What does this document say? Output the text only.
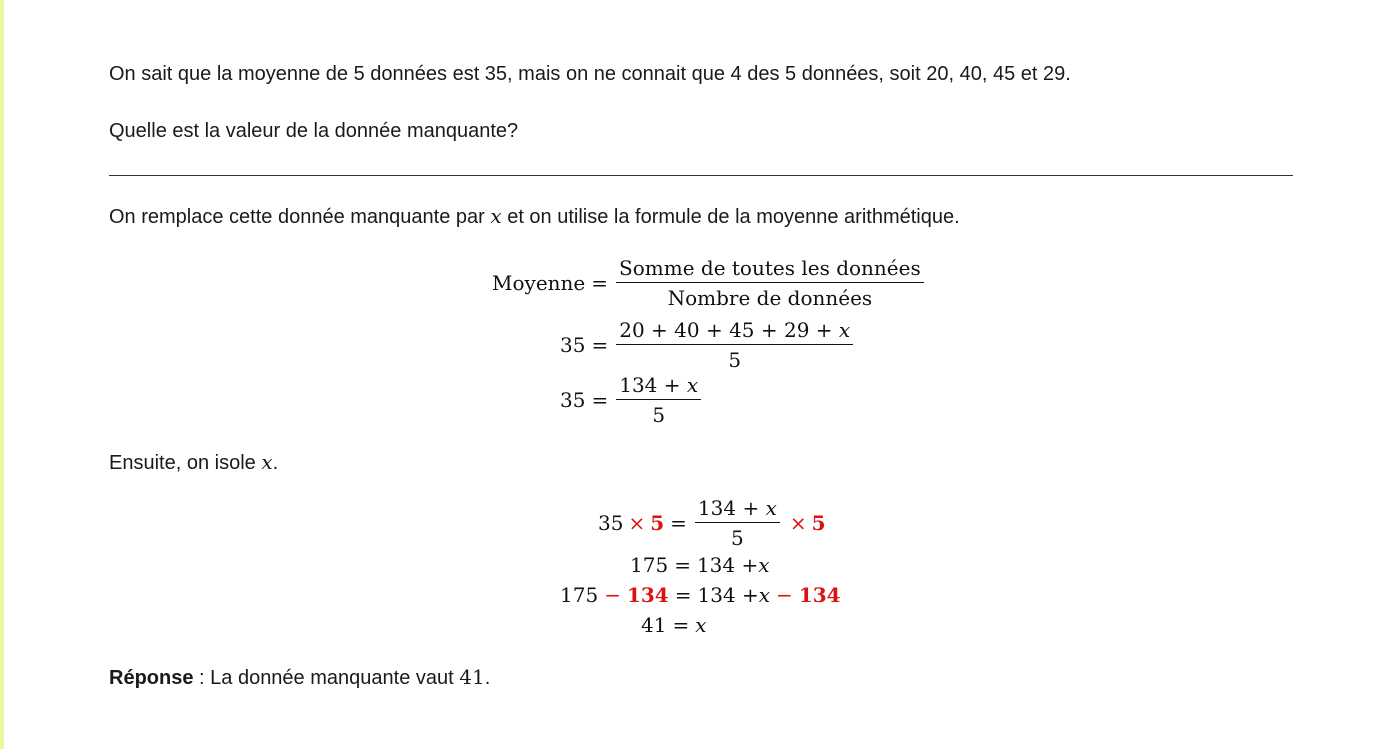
On sait que la moyenne de 5 données est 35, mais on ne connait que 4 des 5 données, soit 20, 40, 45 et 29.
Quelle est la valeur de la donnée manquante?
On remplace cette donnée manquante par x et on utilise la formule de la moyenne arithmétique.
Moyenne = $\frac{\text{Somme de toutes les données}}{\text{Nombre de données}}$
$35 = \frac{20 + 40 + 45 + 29 + x}{5}$
$35 = \frac{134 + x}{5}$
Ensuite, on isole x.
$35 \times 5 = \frac{134 + x}{5} \times 5$
175 = 134 + x
175 − 134 = 134 + x − 134
41 = x
Réponse : La donnée manquante vaut 41.
